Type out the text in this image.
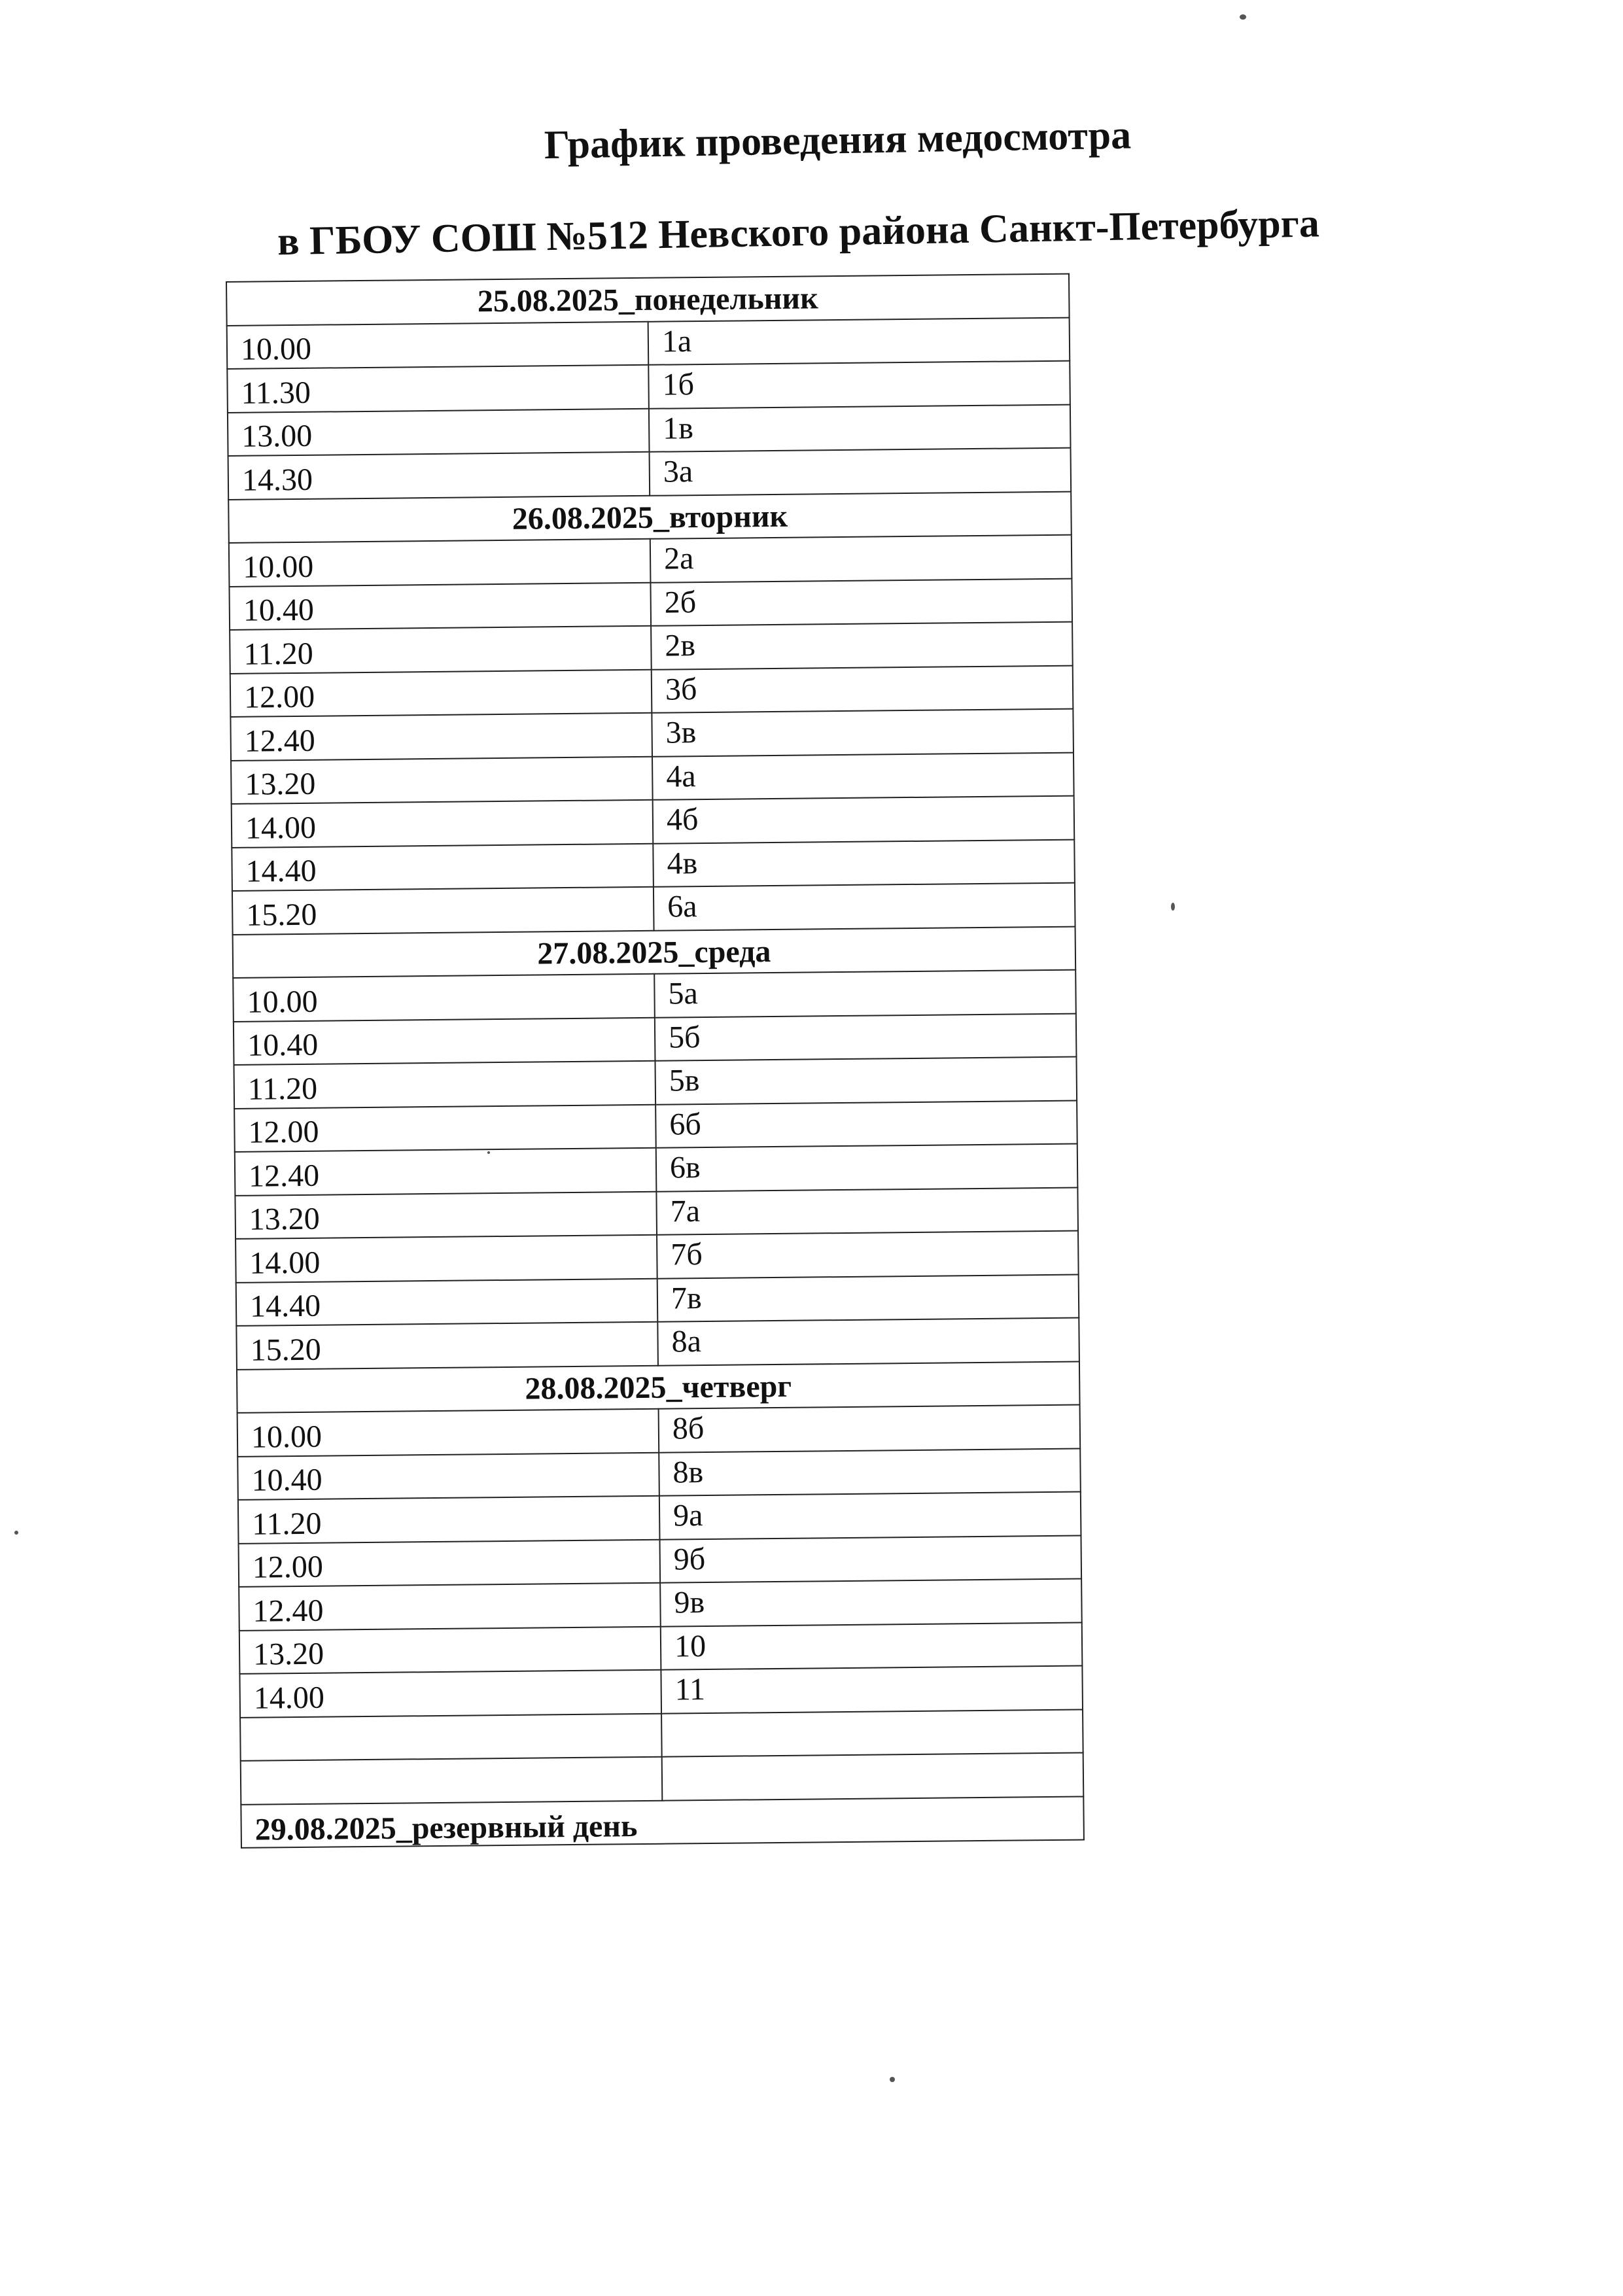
График проведения медосмотра
в ГБОУ СОШ №512 Невского района Санкт-Петербурга
25.08.2025_понедельник	
10.00	1а
11.30	1б
13.00	1в
14.30	3а
26.08.2025_вторник	
10.00	2а
10.40	2б
11.20	2в
12.00	3б
12.40	3в
13.20	4а
14.00	4б
14.40	4в
15.20	6а
27.08.2025_среда	
10.00	5а
10.40	5б
11.20	5в
12.00	6б
12.40	6в
13.20	7а
14.00	7б
14.40	7в
15.20	8а
28.08.2025_четверг	
10.00	8б
10.40	8в
11.20	9а
12.00	9б
12.40	9в
13.20	10
14.00	11

29.08.2025_резервный день	
